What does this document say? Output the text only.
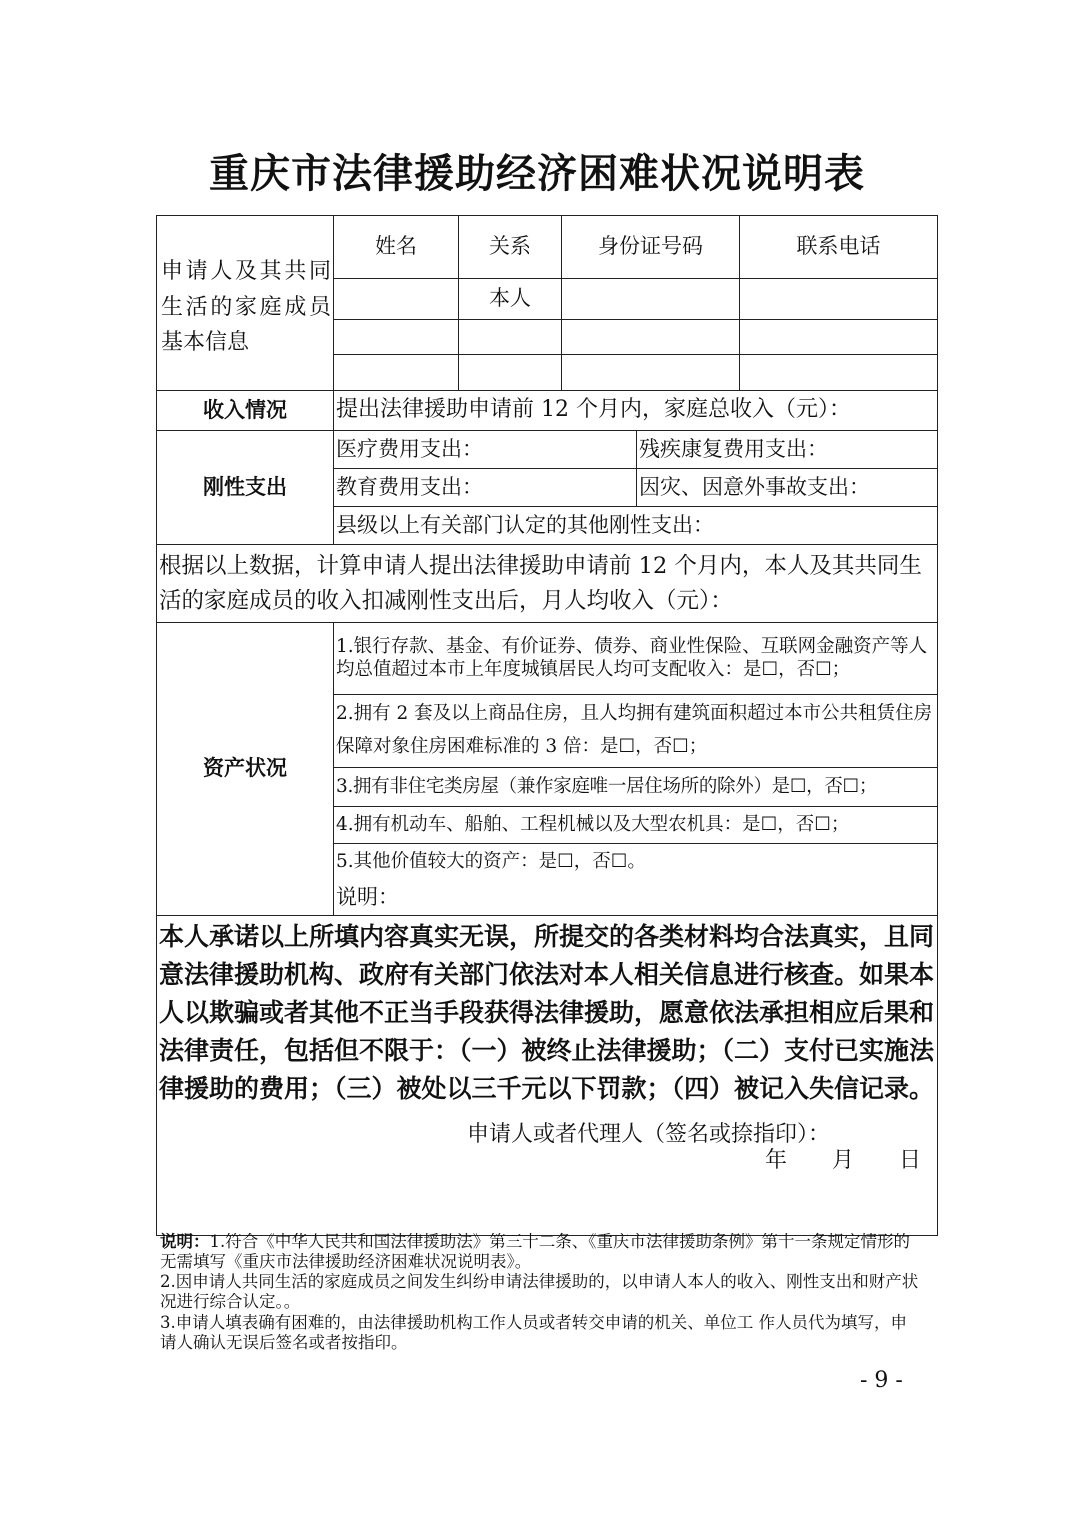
重庆市法律援助经济困难状况说明表
申请人及其共同生活的家庭成员基本信息	姓名	关系	身份证号码		联系电话
		本人			

收入情况	提出法律援助申请前 12 个月内，家庭总收入（元）：				
刚性支出	医疗费用支出：			残疾康复费用支出：	
	教育费用支出：			因灾、因意外事故支出：	
	县级以上有关部门认定的其他刚性支出：				
根据以上数据，计算申请人提出法律援助申请前 12 个月内，本人及其共同生活的家庭成员的收入扣减刚性支出后，月人均收入（元）：					
资产状况	1.银行存款、基金、有价证券、债券、商业性保险、互联网金融资产等人均总值超过本市上年度城镇居民人均可支配收入：是☐，否☐；				
	2.拥有 2 套及以上商品住房，且人均拥有建筑面积超过本市公共租赁住房保障对象住房困难标准的 3 倍：是☐，否☐；				
	3.拥有非住宅类房屋（兼作家庭唯一居住场所的除外）是☐，否☐；				
	4.拥有机动车、船舶、工程机械以及大型农机具：是☐，否☐；				
	5.其他价值较大的资产：是☐，否☐。				
	说明：				

本人承诺以上所填内容真实无误，所提交的各类材料均合法真实，且同意法律援助机构、政府有关部门依法对本人相关信息进行核查。如果本人以欺骗或者其他不正当手段获得法律援助，愿意依法承担相应后果和法律责任，包括但不限于：（一）被终止法律援助；（二）支付已实施法律援助的费用；（三）被处以三千元以下罚款；（四）被记入失信记录。
申请人或者代理人（签名或捺指印）：
年 月 日					

说明：1.符合《中华人民共和国法律援助法》第三十二条、《重庆市法律援助条例》第十一条规定情形的无需填写《重庆市法律援助经济困难状况说明表》。

2.因申请人共同生活的家庭成员之间发生纠纷申请法律援助的，以申请人本人的收入、刚性支出和财产状况进行综合认定。。

3.申请人填表确有困难的，由法律援助机构工作人员或者转交申请的机关、单位工 作人员代为填写，申请人确认无误后签名或者按指印。

- 9 -
